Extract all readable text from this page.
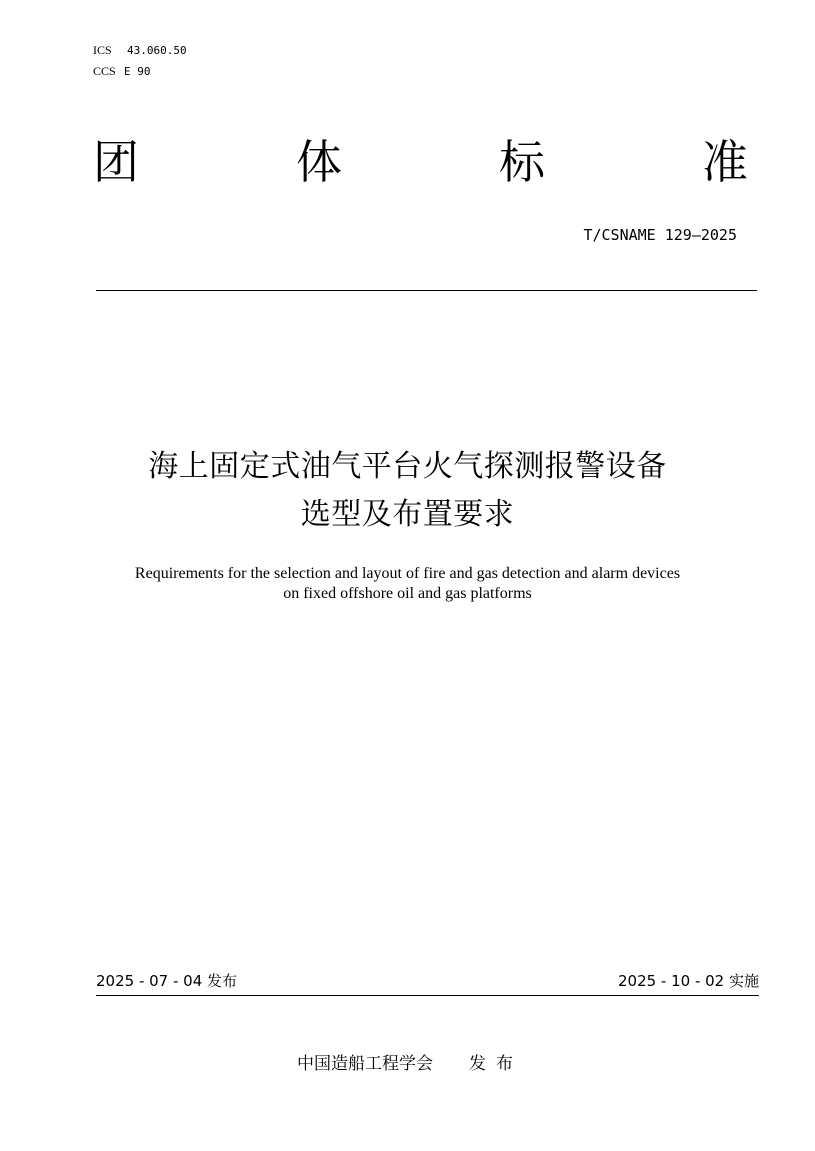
ICS	43.060.50
CCS E 90
团	体	标	准
T/CSNAME 129—2025
海上固定式油气平台火气探测报警设备
选型及布置要求
Requirements for the selection and layout of fire and gas detection and alarm devices
on fixed offshore oil and gas platforms
2025 - 07 - 04 发布	2025 - 10 - 02 实施
中国造船工程学会 发布
